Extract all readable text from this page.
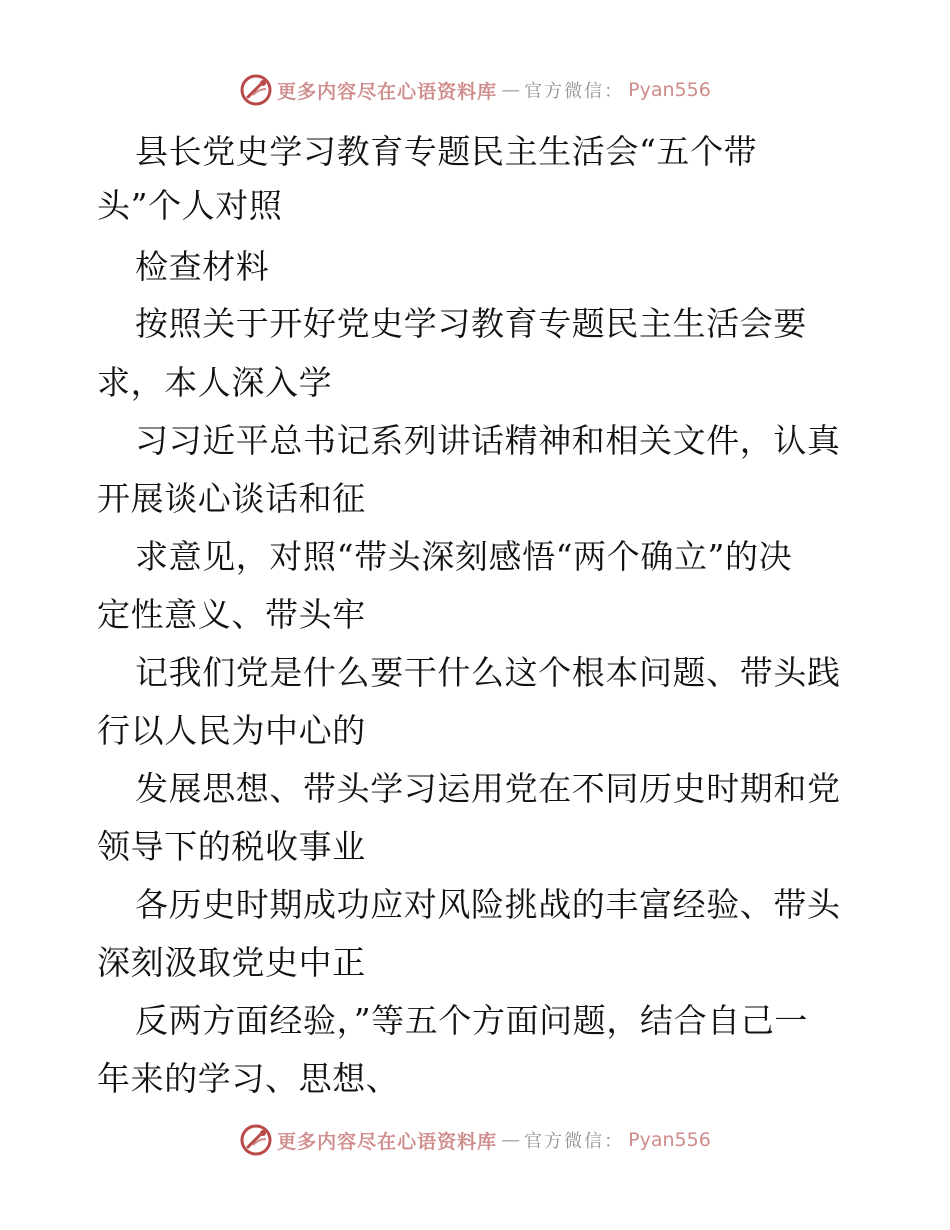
更多内容尽在心语资料库 — 官方微信： Pyan556
县长党史学习教育专题民主生活会“五个带
头”个人对照
检查材料
按照关于开好党史学习教育专题民主生活会要
求，本人深入学
习习近平总书记系列讲话精神和相关文件，认真
开展谈心谈话和征
求意见，对照“带头深刻感悟“两个确立”的决
定性意义、带头牢
记我们党是什么要干什么这个根本问题、带头践
行以人民为中心的
发展思想、带头学习运用党在不同历史时期和党
领导下的税收事业
各历史时期成功应对风险挑战的丰富经验、带头
深刻汲取党史中正
反两方面经验，”等五个方面问题，结合自己一
年来的学习、思想、
更多内容尽在心语资料库 — 官方微信： Pyan556
